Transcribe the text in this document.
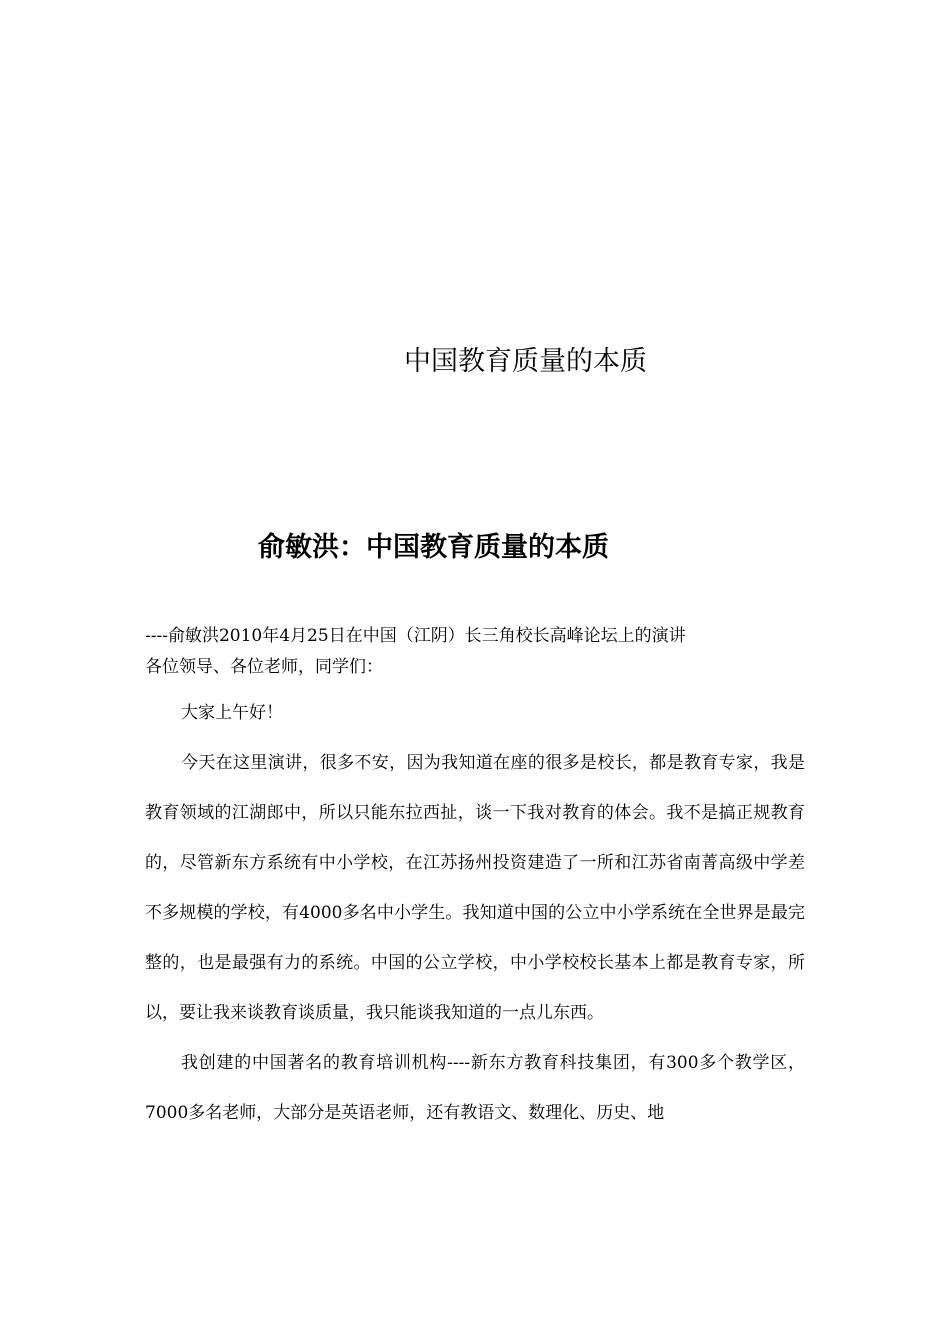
中国教育质量的本质
俞敏洪：中国教育质量的本质
----俞敏洪2010年4月25日在中国（江阴）长三角校长高峰论坛上的演讲
各位领导、各位老师，同学们：

大家上午好！

今天在这里演讲，很多不安，因为我知道在座的很多是校长，都是教育专家，我是教育领域的江湖郎中，所以只能东拉西扯，谈一下我对教育的体会。我不是搞正规教育的，尽管新东方系统有中小学校，在江苏扬州投资建造了一所和江苏省南菁高级中学差不多规模的学校，有4000多名中小学生。我知道中国的公立中小学系统在全世界是最完整的，也是最强有力的系统。中国的公立学校，中小学校校长基本上都是教育专家，所以，要让我来谈教育谈质量，我只能谈我知道的一点儿东西。

我创建的中国著名的教育培训机构----新东方教育科技集团，有300多个教学区，7000多名老师，大部分是英语老师，还有教语文、数理化、历史、地
